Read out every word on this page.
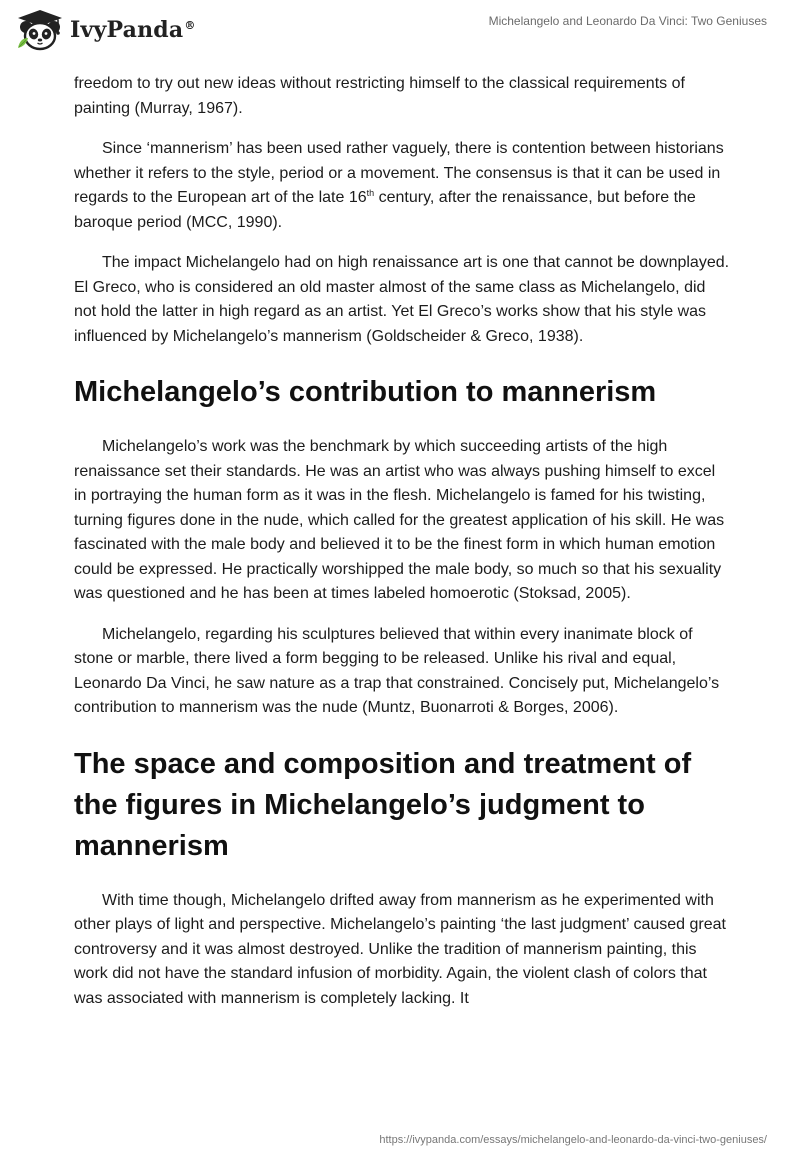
IvyPanda®	Michelangelo and Leonardo Da Vinci: Two Geniuses

freedom to try out new ideas without restricting himself to the classical requirements of painting (Murray, 1967).

Since ‘mannerism’ has been used rather vaguely, there is contention between historians whether it refers to the style, period or a movement. The consensus is that it can be used in regards to the European art of the late 16th century, after the renaissance, but before the baroque period (MCC, 1990).

The impact Michelangelo had on high renaissance art is one that cannot be downplayed. El Greco, who is considered an old master almost of the same class as Michelangelo, did not hold the latter in high regard as an artist. Yet El Greco’s works show that his style was influenced by Michelangelo’s mannerism (Goldscheider & Greco, 1938).

Michelangelo’s contribution to mannerism

Michelangelo’s work was the benchmark by which succeeding artists of the high renaissance set their standards. He was an artist who was always pushing himself to excel in portraying the human form as it was in the flesh. Michelangelo is famed for his twisting, turning figures done in the nude, which called for the greatest application of his skill. He was fascinated with the male body and believed it to be the finest form in which human emotion could be expressed. He practically worshipped the male body, so much so that his sexuality was questioned and he has been at times labeled homoerotic (Stoksad, 2005).

Michelangelo, regarding his sculptures believed that within every inanimate block of stone or marble, there lived a form begging to be released. Unlike his rival and equal, Leonardo Da Vinci, he saw nature as a trap that constrained. Concisely put, Michelangelo’s contribution to mannerism was the nude (Muntz, Buonarroti & Borges, 2006).

The space and composition and treatment of the figures in Michelangelo’s judgment to mannerism

With time though, Michelangelo drifted away from mannerism as he experimented with other plays of light and perspective. Michelangelo’s painting ‘the last judgment’ caused great controversy and it was almost destroyed. Unlike the tradition of mannerism painting, this work did not have the standard infusion of morbidity. Again, the violent clash of colors that was associated with mannerism is completely lacking. It

https://ivypanda.com/essays/michelangelo-and-leonardo-da-vinci-two-geniuses/
